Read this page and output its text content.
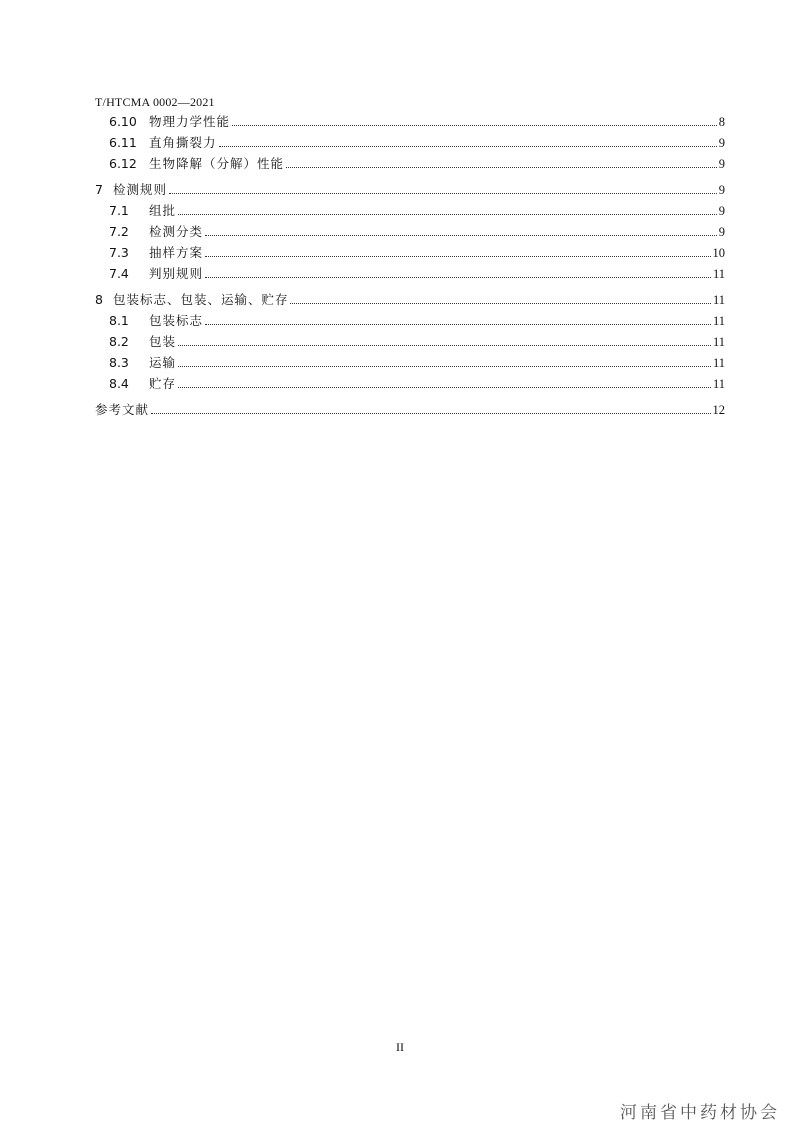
T/HTCMA 0002—2021
6.10 物理力学性能	8
6.11 直角撕裂力	9
6.12 生物降解（分解）性能	9
7 检测规则	9
7.1	组批	9
7.2	检测分类	9
7.3	抽样方案	10
7.4	判别规则	11
8 包装标志、包装、运输、贮存	11
8.1	包装标志	11
8.2	包装	11
8.3	运输	11
8.4	贮存	11
参考文献	12
II
河南省中药材协会
